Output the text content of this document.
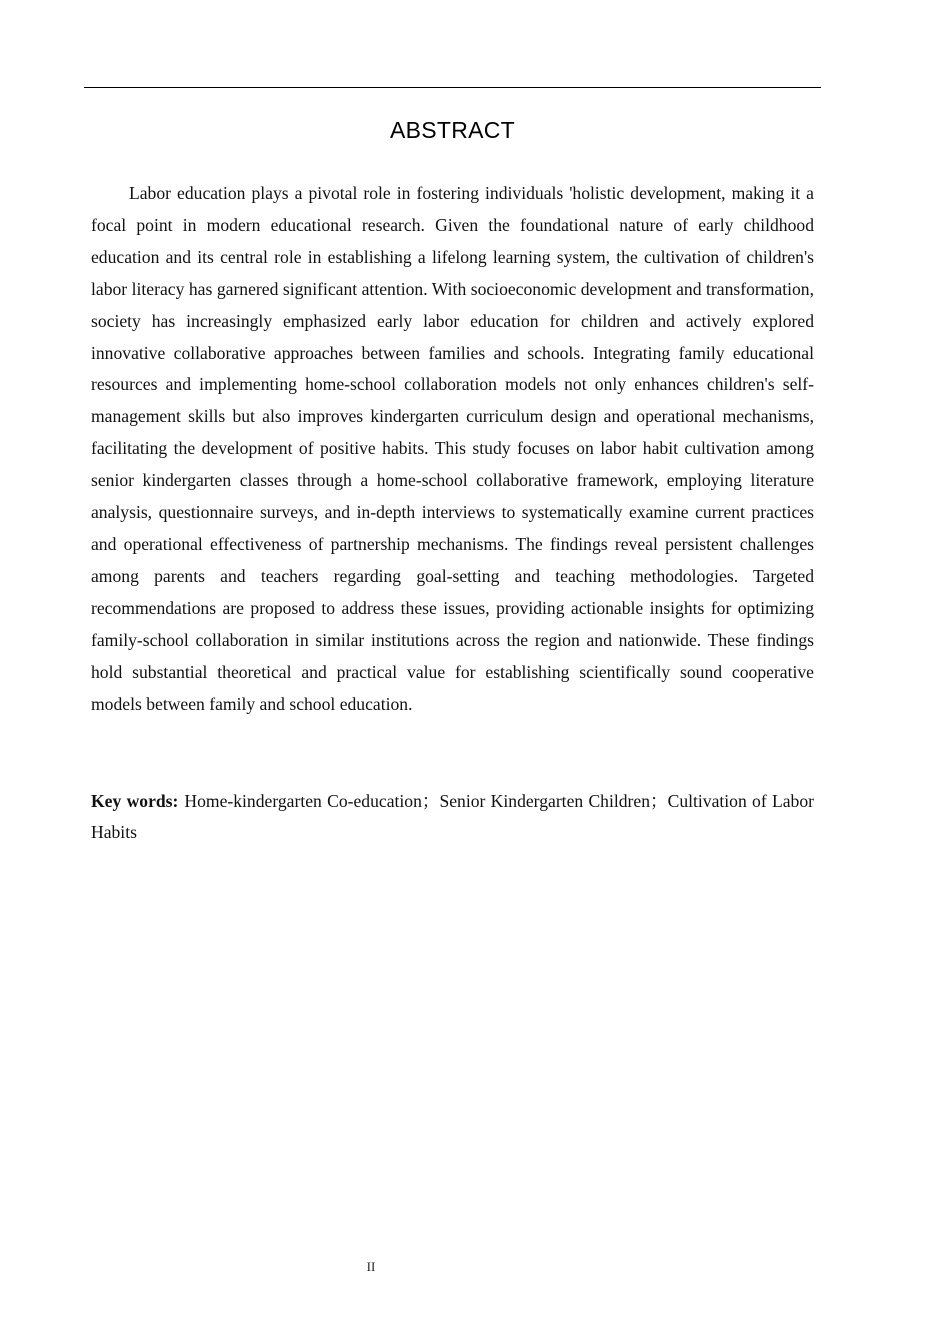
ABSTRACT

Labor education plays a pivotal role in fostering individuals 'holistic development, making it a focal point in modern educational research. Given the foundational nature of early childhood education and its central role in establishing a lifelong learning system, the cultivation of children's labor literacy has garnered significant attention. With socioeconomic development and transformation, society has increasingly emphasized early labor education for children and actively explored innovative collaborative approaches between families and schools. Integrating family educational resources and implementing home-school collaboration models not only enhances children's self-management skills but also improves kindergarten curriculum design and operational mechanisms, facilitating the development of positive habits. This study focuses on labor habit cultivation among senior kindergarten classes through a home-school collaborative framework, employing literature analysis, questionnaire surveys, and in-depth interviews to systematically examine current practices and operational effectiveness of partnership mechanisms. The findings reveal persistent challenges among parents and teachers regarding goal-setting and teaching methodologies. Targeted recommendations are proposed to address these issues, providing actionable insights for optimizing family-school collaboration in similar institutions across the region and nationwide. These findings hold substantial theoretical and practical value for establishing scientifically sound cooperative models between family and school education.

Key words: Home-kindergarten Co-education；Senior Kindergarten Children；Cultivation of Labor Habits

II
